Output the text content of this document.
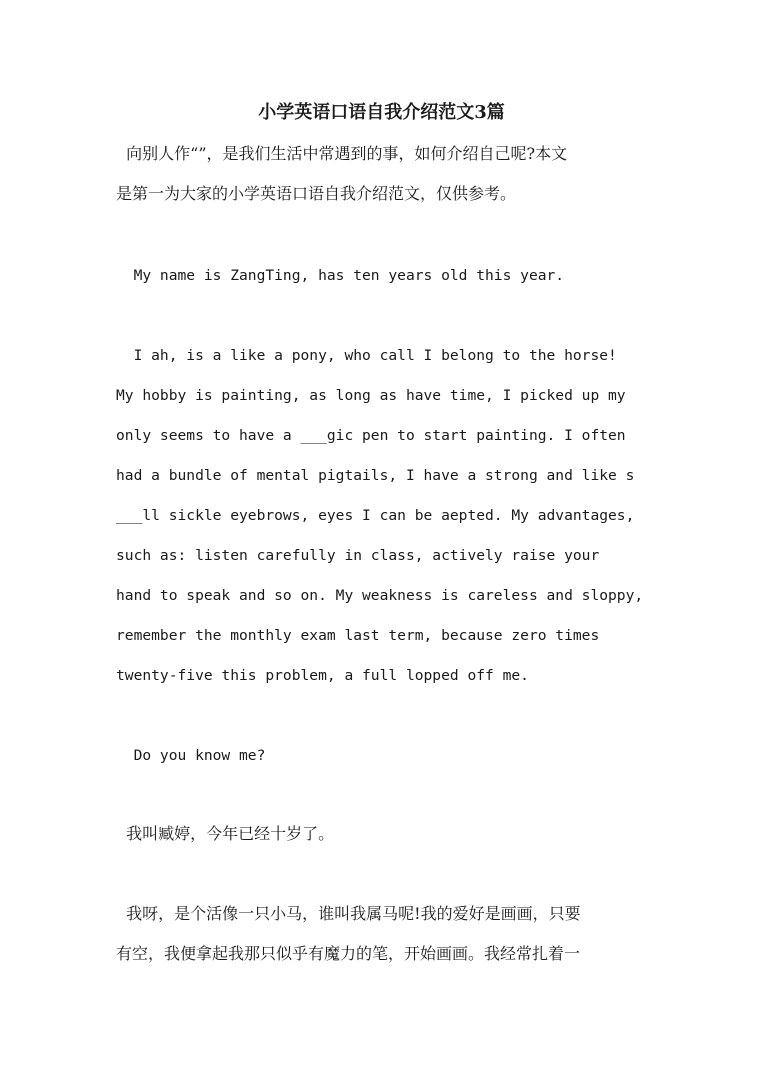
小学英语口语自我介绍范文3篇
向别人作“”，是我们生活中常遇到的事，如何介绍自己呢?本文
是第一为大家的小学英语口语自我介绍范文，仅供参考。
My name is ZangTing, has ten years old this year.
I ah, is a like a pony, who call I belong to the horse!
My hobby is painting, as long as have time, I picked up my
only seems to have a ___gic pen to start painting. I often
had a bundle of mental pigtails, I have a strong and like s
___ll sickle eyebrows, eyes I can be aepted. My advantages,
such as: listen carefully in class, actively raise your
hand to speak and so on. My weakness is careless and sloppy,
remember the monthly exam last term, because zero times
twenty-five this problem, a full lopped off me.
Do you know me?
我叫臧婷，今年已经十岁了。
我呀，是个活像一只小马，谁叫我属马呢!我的爱好是画画，只要
有空，我便拿起我那只似乎有魔力的笔，开始画画。我经常扎着一
